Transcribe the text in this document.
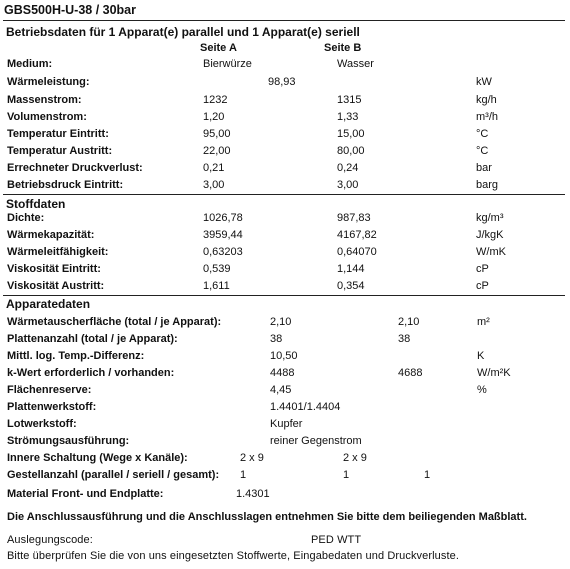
GBS500H-U-38 / 30bar
Betriebsdaten für 1 Apparat(e) parallel und 1 Apparat(e) seriell
Seite A	Seite B
Medium:	Bierwürze	Wasser
Wärmeleistung:	98,93	kW
Massenstrom:	1232	1315	kg/h
Volumenstrom:	1,20	1,33	m³/h
Temperatur Eintritt:	95,00	15,00	°C
Temperatur Austritt:	22,00	80,00	°C
Errechneter Druckverlust:	0,21	0,24	bar
Betriebsdruck Eintritt:	3,00	3,00	barg
Stoffdaten
Dichte:	1026,78	987,83	kg/m³
Wärmekapazität:	3959,44	4167,82	J/kgK
Wärmeleitfähigkeit:	0,63203	0,64070	W/mK
Viskosität Eintritt:	0,539	1,144	cP
Viskosität Austritt:	1,611	0,354	cP
Apparatedaten
Wärmetauscherfläche (total / je Apparat):	2,10	2,10	m²
Plattenanzahl (total / je Apparat):	38	38
Mittl. log. Temp.-Differenz:	10,50	K
k-Wert erforderlich / vorhanden:	4488	4688	W/m²K
Flächenreserve:	4,45	%
Plattenwerkstoff:	1.4401/1.4404
Lotwerkstoff:	Kupfer
Strömungsausführung:	reiner Gegenstrom
Innere Schaltung (Wege x Kanäle):	2 x 9	2 x 9
Gestellanzahl (parallel / seriell / gesamt): 1	1	1
Material Front- und Endplatte:	1.4301
Die Anschlussausführung und die Anschlusslagen entnehmen Sie bitte dem beiliegenden Maßblatt.
Auslegungscode:	PED WTT
Bitte überprüfen Sie die von uns eingesetzten Stoffwerte, Eingabedaten und Druckverluste.
